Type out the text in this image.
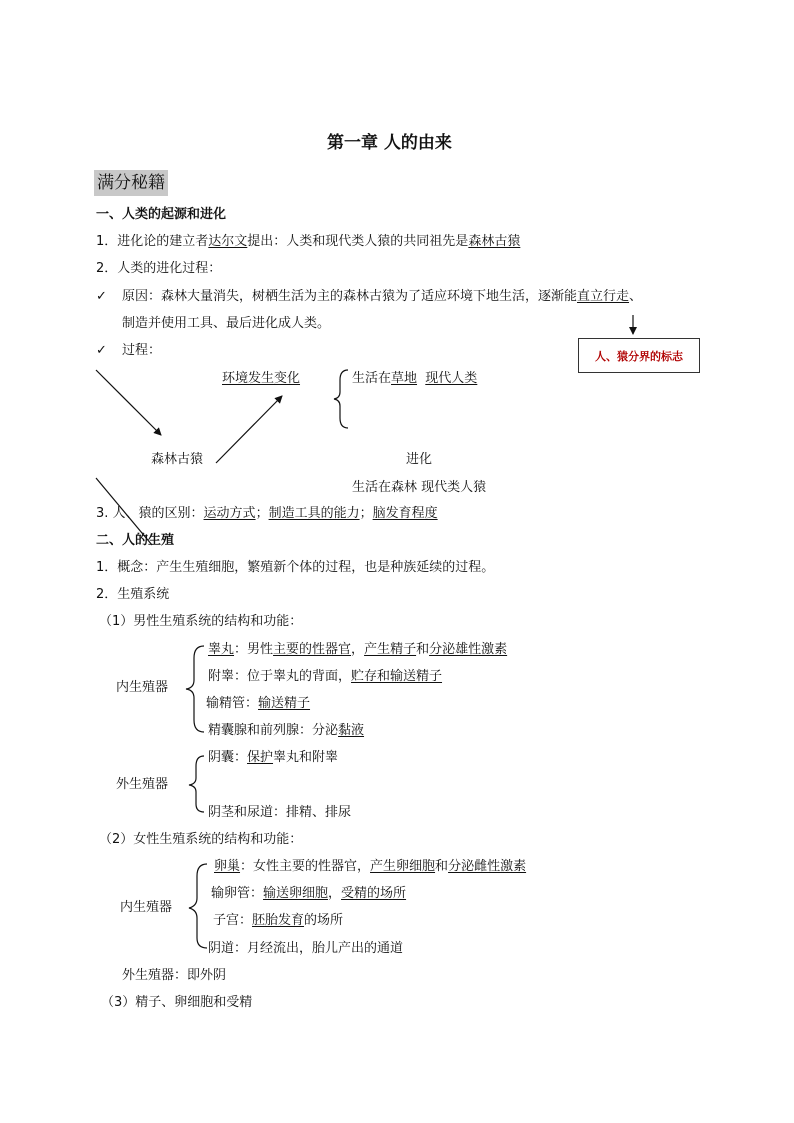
第一章 人的由来
满分秘籍
一、人类的起源和进化
1．进化论的建立者达尔文提出：人类和现代类人猿的共同祖先是森林古猿
2．人类的进化过程：
✓ 原因：森林大量消失，树栖生活为主的森林古猿为了适应环境下地生活，逐渐能直立行走、
制造并使用工具、最后进化成人类。
✓ 过程：	人、猿分界的标志
环境发生变化	生活在草地 现代人类
森林古猿	进化
生活在森林 现代类人猿
3. 人、猿的区别：运动方式；制造工具的能力；脑发育程度
二、人的生殖
1．概念：产生生殖细胞，繁殖新个体的过程，也是种族延续的过程。
2．生殖系统
（1）男性生殖系统的结构和功能：
内生殖器
睾丸：男性主要的性器官，产生精子和分泌雄性激素
附睾：位于睾丸的背面，贮存和输送精子
输精管：输送精子
精囊腺和前列腺：分泌黏液
外生殖器
阴囊：保护睾丸和附睾
阴茎和尿道：排精、排尿
（2）女性生殖系统的结构和功能：
内生殖器
卵巢：女性主要的性器官，产生卵细胞和分泌雌性激素
输卵管：输送卵细胞，受精的场所
子宫：胚胎发育的场所
阴道：月经流出，胎儿产出的通道
外生殖器：即外阴
（3）精子、卵细胞和受精
